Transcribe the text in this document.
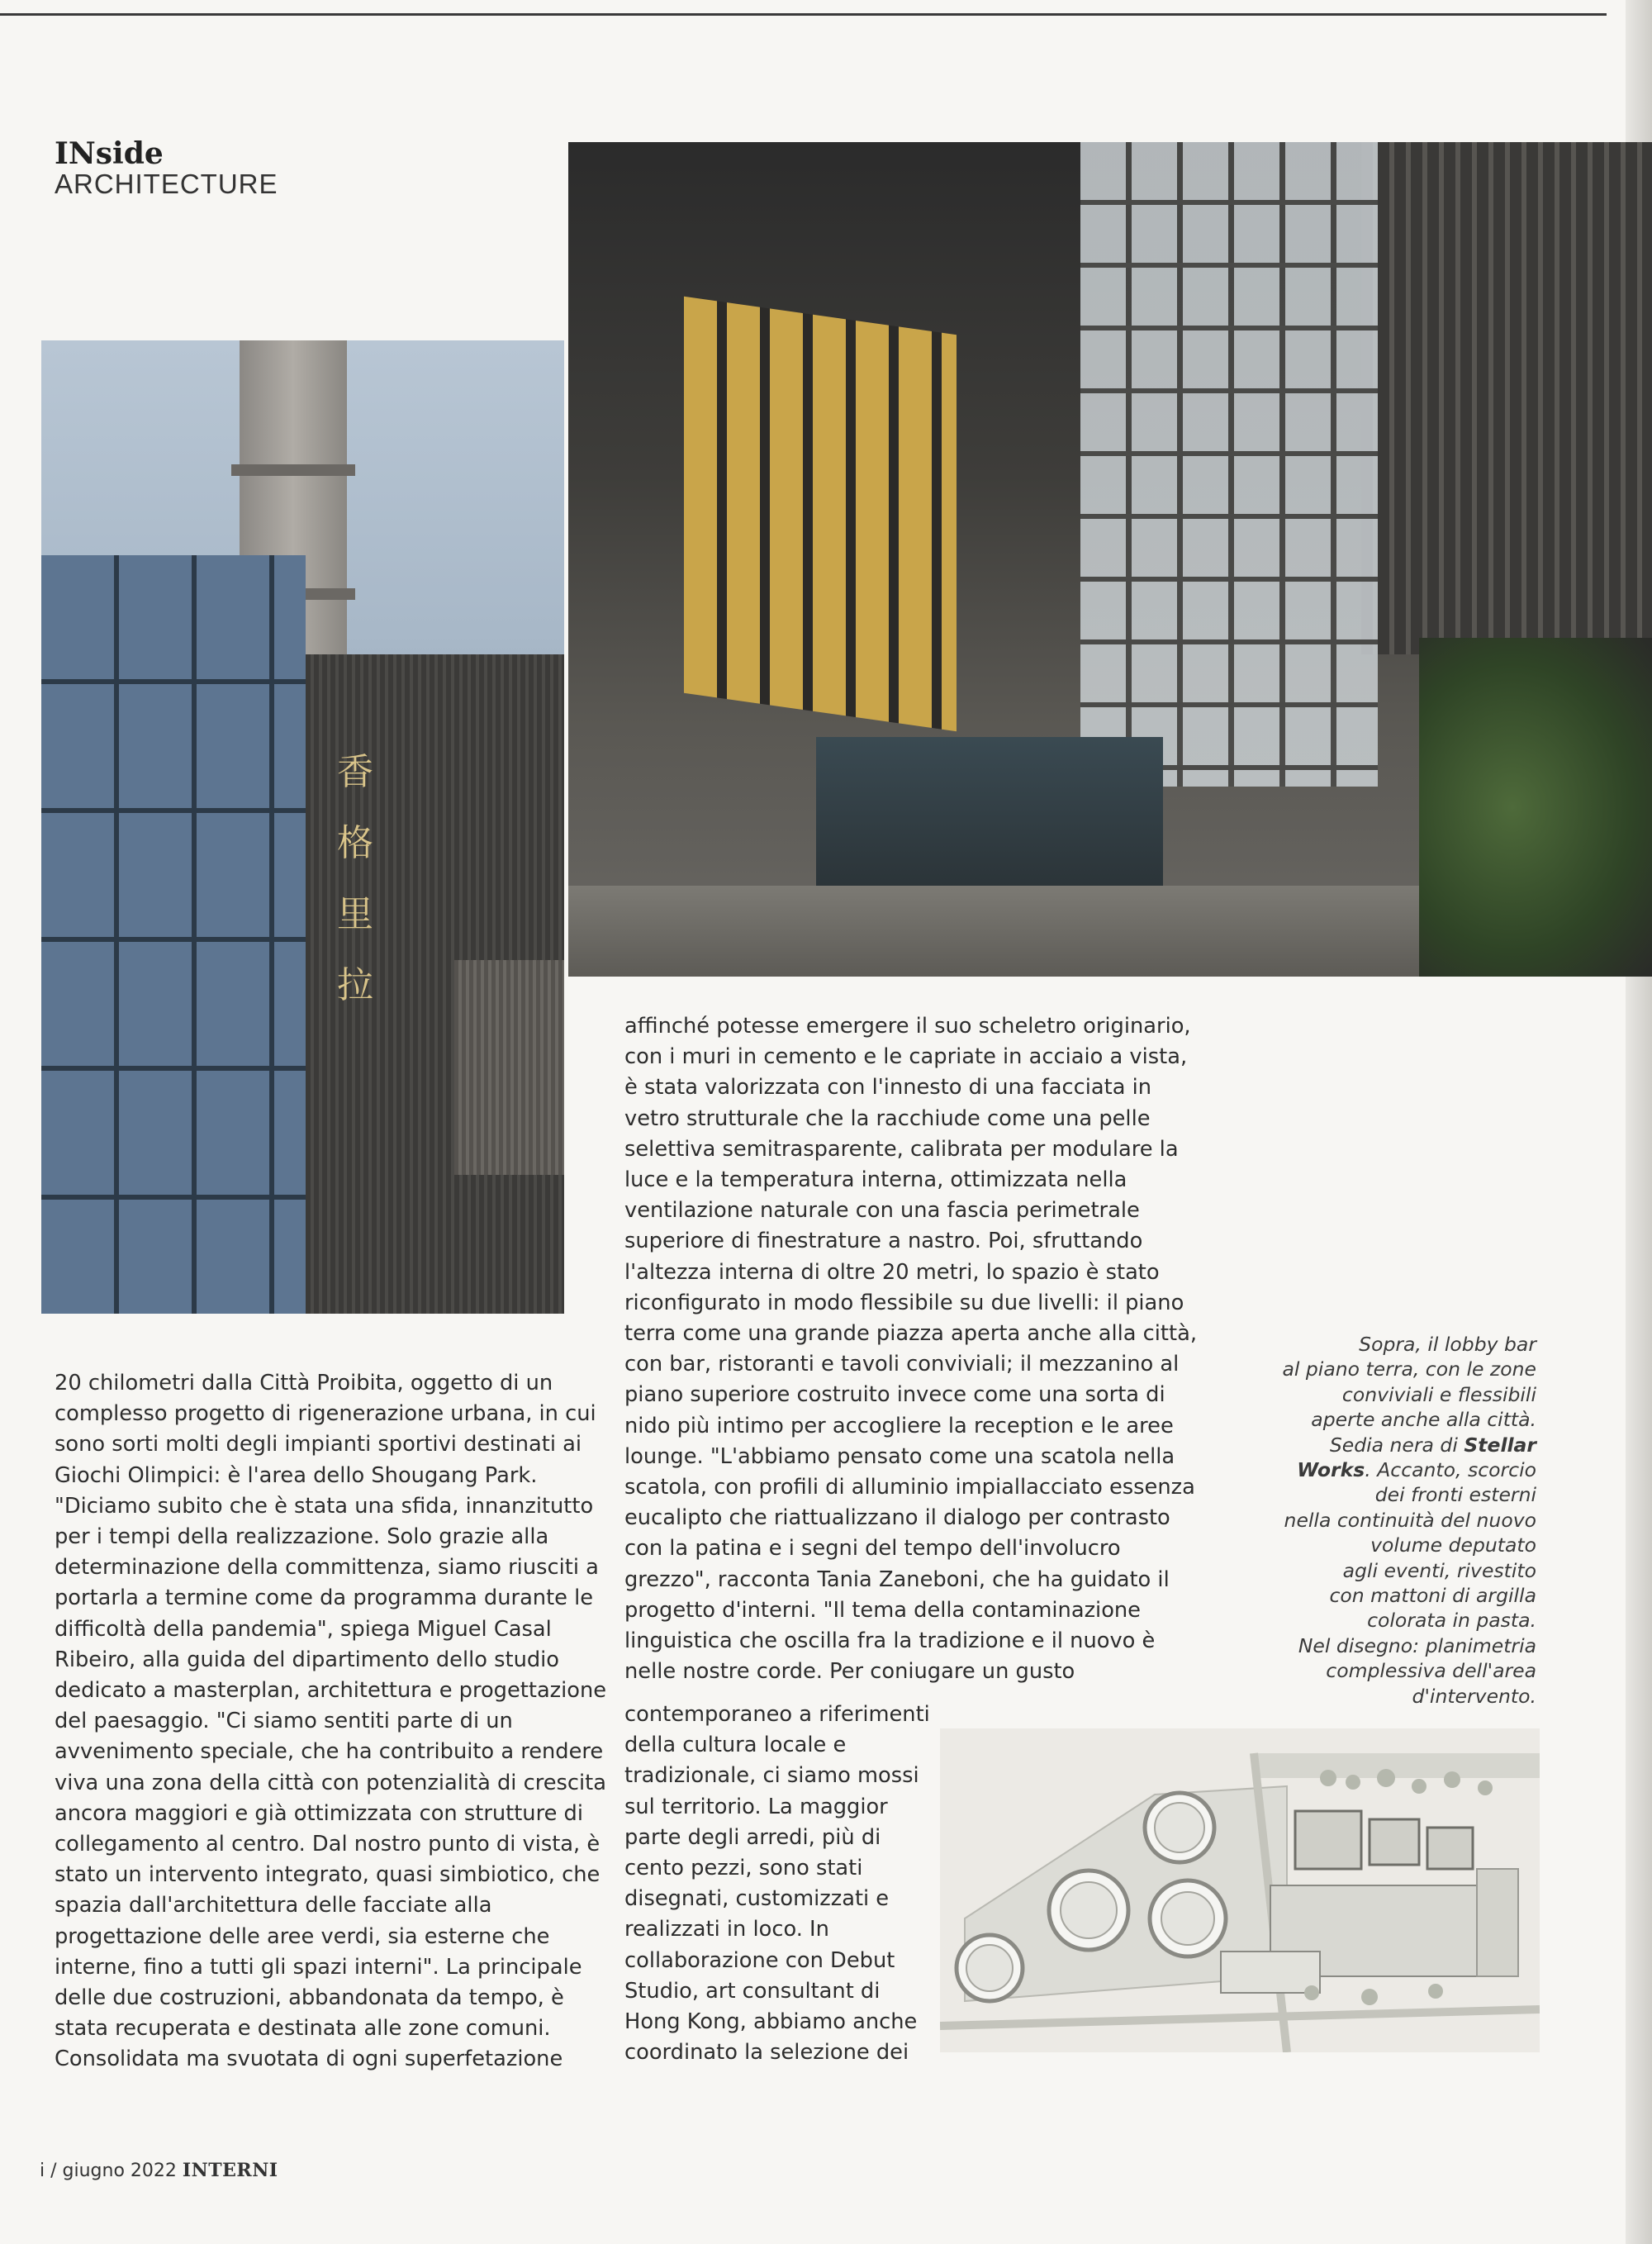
INside
ARCHITECTURE
香
格
里
拉
20 chilometri dalla Città Proibita, oggetto di un
complesso progetto di rigenerazione urbana, in cui
sono sorti molti degli impianti sportivi destinati ai
Giochi Olimpici: è l'area dello Shougang Park.
"Diciamo subito che è stata una sfida, innanzitutto
per i tempi della realizzazione. Solo grazie alla
determinazione della committenza, siamo riusciti a
portarla a termine come da programma durante le
difficoltà della pandemia", spiega Miguel Casal
Ribeiro, alla guida del dipartimento dello studio
dedicato a masterplan, architettura e progettazione
del paesaggio. "Ci siamo sentiti parte di un
avvenimento speciale, che ha contribuito a rendere
viva una zona della città con potenzialità di crescita
ancora maggiori e già ottimizzata con strutture di
collegamento al centro. Dal nostro punto di vista, è
stato un intervento integrato, quasi simbiotico, che
spazia dall'architettura delle facciate alla
progettazione delle aree verdi, sia esterne che
interne, fino a tutti gli spazi interni". La principale
delle due costruzioni, abbandonata da tempo, è
stata recuperata e destinata alle zone comuni.
Consolidata ma svuotata di ogni superfetazione
affinché potesse emergere il suo scheletro originario,
con i muri in cemento e le capriate in acciaio a vista,
è stata valorizzata con l'innesto di una facciata in
vetro strutturale che la racchiude come una pelle
selettiva semitrasparente, calibrata per modulare la
luce e la temperatura interna, ottimizzata nella
ventilazione naturale con una fascia perimetrale
superiore di finestrature a nastro. Poi, sfruttando
l'altezza interna di oltre 20 metri, lo spazio è stato
riconfigurato in modo flessibile su due livelli: il piano
terra come una grande piazza aperta anche alla città,
con bar, ristoranti e tavoli conviviali; il mezzanino al
piano superiore costruito invece come una sorta di
nido più intimo per accogliere la reception e le aree
lounge. "L'abbiamo pensato come una scatola nella
scatola, con profili di alluminio impiallacciato essenza
eucalipto che riattualizzano il dialogo per contrasto
con la patina e i segni del tempo dell'involucro
grezzo", racconta Tania Zaneboni, che ha guidato il
progetto d'interni. "Il tema della contaminazione
linguistica che oscilla fra la tradizione e il nuovo è
nelle nostre corde. Per coniugare un gusto
contemporaneo a riferimenti
della cultura locale e
tradizionale, ci siamo mossi
sul territorio. La maggior
parte degli arredi, più di
cento pezzi, sono stati
disegnati, customizzati e
realizzati in loco. In
collaborazione con Debut
Studio, art consultant di
Hong Kong, abbiamo anche
coordinato la selezione dei
Sopra, il lobby bar
al piano terra, con le zone
conviviali e flessibili
aperte anche alla città.
Sedia nera di Stellar
Works. Accanto, scorcio
dei fronti esterni
nella continuità del nuovo
volume deputato
agli eventi, rivestito
con mattoni di argilla
colorata in pasta.
Nel disegno: planimetria
complessiva dell'area
d'intervento.
i / giugno 2022 INTERNI
